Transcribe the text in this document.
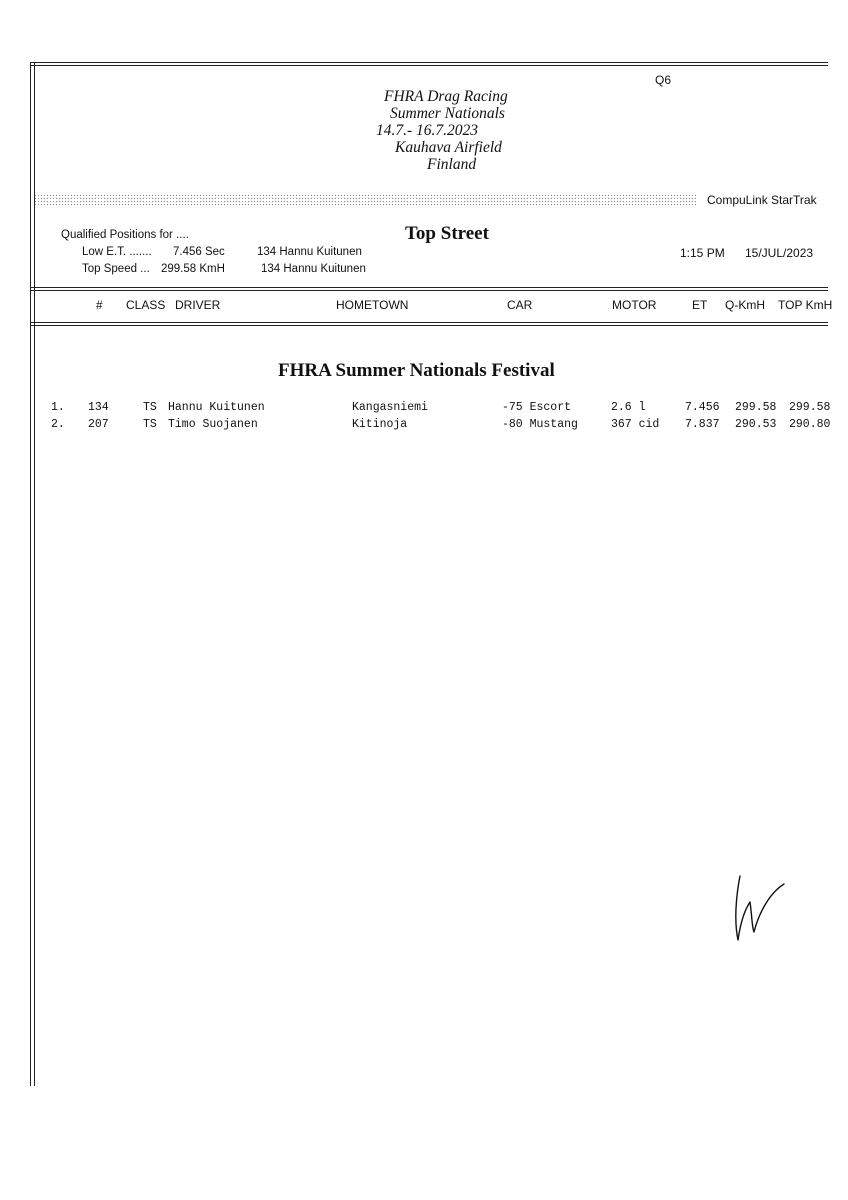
Q6
FHRA Drag Racing
Summer Nationals
14.7.- 16.7.2023
Kauhava Airfield
Finland
CompuLink StarTrak
Qualified Positions for ....
Low E.T. ....... 7.456 Sec	134 Hannu Kuitunen
Top Speed ... 299.58 KmH	134 Hannu Kuitunen
Top Street
1:15 PM 15/JUL/2023
# CLASS DRIVER	HOMETOWN	CAR	MOTOR	ET Q-KmH TOP KmH
FHRA Summer Nationals Festival
1. 134	TS Hannu Kuitunen	Kangasniemi	-75 Escort	2.6 l	7.456 299.58 299.58
2. 207	TS Timo Suojanen	Kitinoja	-80 Mustang	367 cid 7.837 290.53 290.80
